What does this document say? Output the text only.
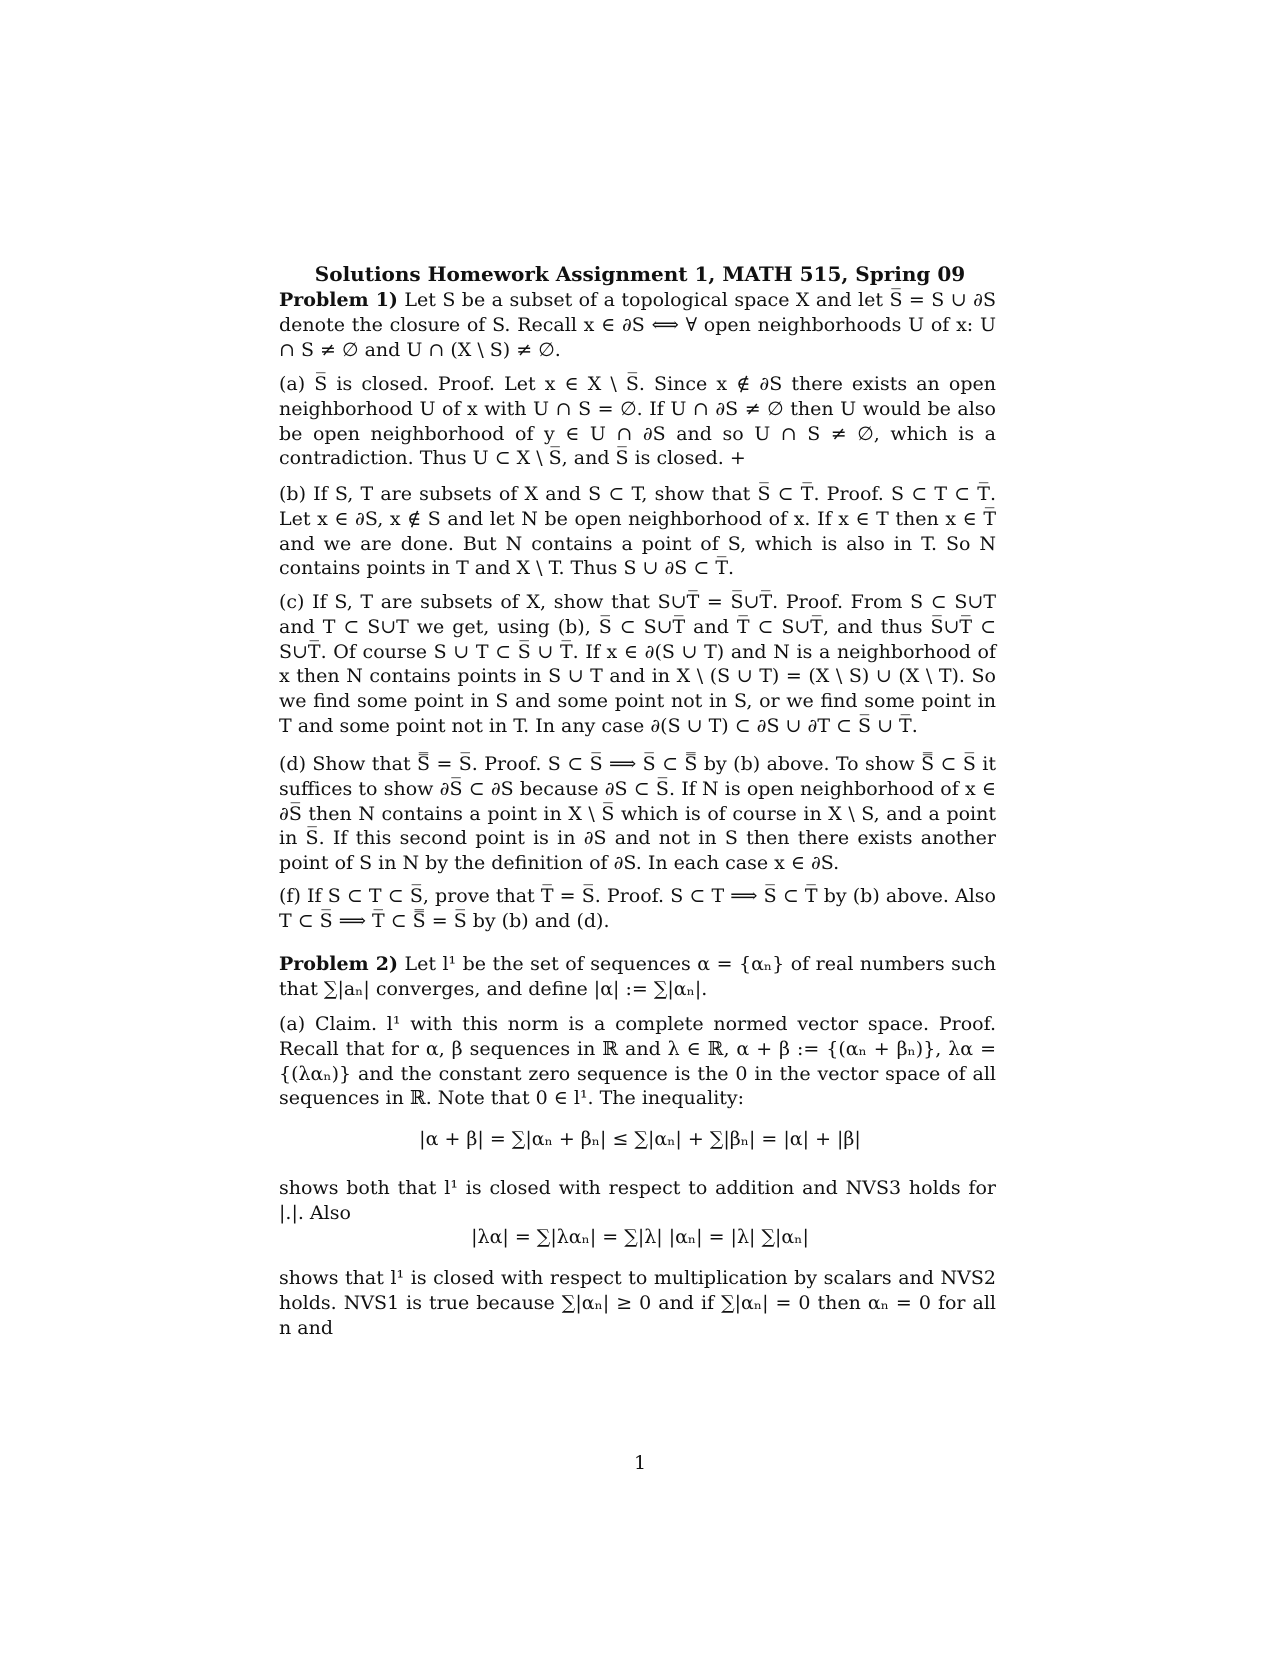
Solutions Homework Assignment 1, MATH 515, Spring 09

Problem 1) Let S be a subset of a topological space X and let S̅ = S ∪ ∂S denote the closure of S. Recall x ∈ ∂S ⟺ ∀ open neighborhoods U of x: U ∩ S ≠ ∅ and U ∩ (X \ S) ≠ ∅.

(a) S̅ is closed. Proof. Let x ∈ X \ S̅. Since x ∉ ∂S there exists an open neighborhood U of x with U ∩ S = ∅. If U ∩ ∂S ≠ ∅ then U would be also be open neighborhood of y ∈ U ∩ ∂S and so U ∩ S ≠ ∅, which is a contradiction. Thus U ⊂ X \ S̅, and S̅ is closed. +

(b) If S, T are subsets of X and S ⊂ T, show that S̅ ⊂ T̅. Proof. S ⊂ T ⊂ T̅. Let x ∈ ∂S, x ∉ S and let N be open neighborhood of x. If x ∈ T then x ∈ T̅ and we are done. But N contains a point of S, which is also in T. So N contains points in T and X \ T. Thus S ∪ ∂S ⊂ T̅.

(c) If S, T are subsets of X, show that S∪T̅ = S̅∪T̅. Proof. From S ⊂ S∪T and T ⊂ S∪T we get, using (b), S̅ ⊂ S∪T̅ and T̅ ⊂ S∪T̅, and thus S̅∪T̅ ⊂ S∪T̅. Of course S ∪ T ⊂ S̅ ∪ T̅. If x ∈ ∂(S ∪ T) and N is a neighborhood of x then N contains points in S ∪ T and in X \ (S ∪ T) = (X \ S) ∪ (X \ T). So we find some point in S and some point not in S, or we find some point in T and some point not in T. In any case ∂(S ∪ T) ⊂ ∂S ∪ ∂T ⊂ S̅ ∪ T̅.

(d) Show that S̿ = S̅. Proof. S ⊂ S̅ ⟹ S̅ ⊂ S̿ by (b) above. To show S̿ ⊂ S̅ it suffices to show ∂S̅ ⊂ ∂S because ∂S ⊂ S̅. If N is open neighborhood of x ∈ ∂S̅ then N contains a point in X \ S̅ which is of course in X \ S, and a point in S̅. If this second point is in ∂S and not in S then there exists another point of S in N by the definition of ∂S. In each case x ∈ ∂S.

(f) If S ⊂ T ⊂ S̅, prove that T̅ = S̅. Proof. S ⊂ T ⟹ S̅ ⊂ T̅ by (b) above. Also T ⊂ S̅ ⟹ T̅ ⊂ S̿ = S̅ by (b) and (d).

Problem 2) Let l¹ be the set of sequences α = {αₙ} of real numbers such that ∑|aₙ| converges, and define |α| := ∑|αₙ|.

(a) Claim. l¹ with this norm is a complete normed vector space. Proof. Recall that for α, β sequences in ℝ and λ ∈ ℝ, α + β := {(αₙ + βₙ)}, λα = {(λαₙ)} and the constant zero sequence is the 0 in the vector space of all sequences in ℝ. Note that 0 ∈ l¹. The inequality:

|α + β| = ∑|αₙ + βₙ| ≤ ∑|αₙ| + ∑|βₙ| = |α| + |β|

shows both that l¹ is closed with respect to addition and NVS3 holds for |.|. Also

|λα| = ∑|λαₙ| = ∑|λ| |αₙ| = |λ| ∑|αₙ|

shows that l¹ is closed with respect to multiplication by scalars and NVS2 holds. NVS1 is true because ∑|αₙ| ≥ 0 and if ∑|αₙ| = 0 then αₙ = 0 for all n and

1
